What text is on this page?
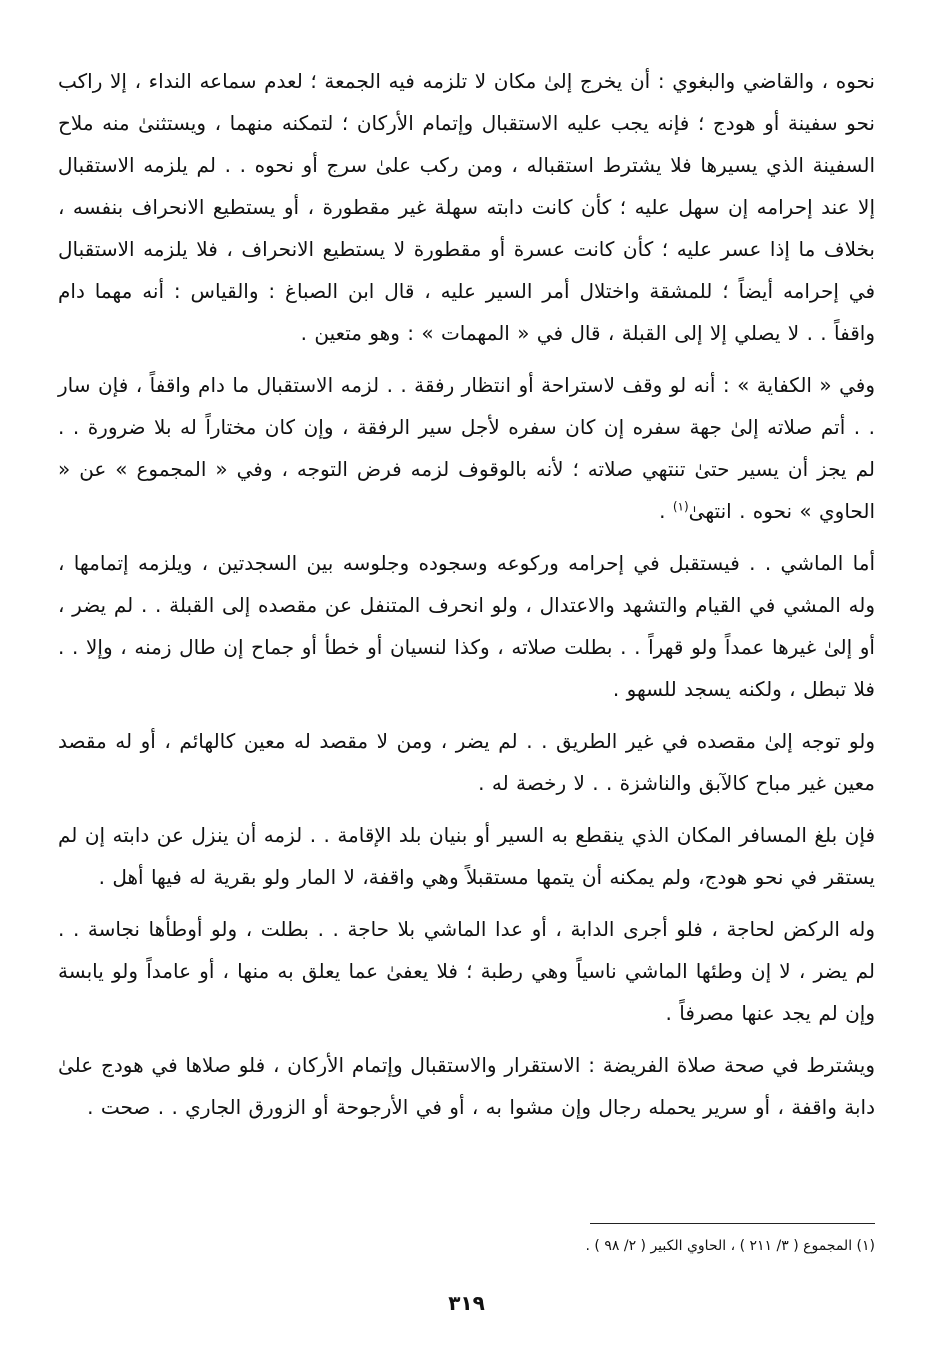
نحوه ، والقاضي والبغوي : أن يخرج إلىٰ مكان لا تلزمه فيه الجمعة ؛ لعدم سماعه النداء ، إلا راكب نحو سفينة أو هودج ؛ فإنه يجب عليه الاستقبال وإتمام الأركان ؛ لتمكنه منهما ، ويستثنىٰ منه ملاح السفينة الذي يسيرها فلا يشترط استقباله ، ومن ركب علىٰ سرج أو نحوه . . لم يلزمه الاستقبال إلا عند إحرامه إن سهل عليه ؛ كأن كانت دابته سهلة غير مقطورة ، أو يستطيع الانحراف بنفسه ، بخلاف ما إذا عسر عليه ؛ كأن كانت عسرة أو مقطورة لا يستطيع الانحراف ، فلا يلزمه الاستقبال في إحرامه أيضاً ؛ للمشقة واختلال أمر السير عليه ، قال ابن الصباغ : والقياس : أنه مهما دام واقفاً . . لا يصلي إلا إلى القبلة ، قال في « المهمات » : وهو متعين .

وفي « الكفاية » : أنه لو وقف لاستراحة أو انتظار رفقة . . لزمه الاستقبال ما دام واقفاً ، فإن سار . . أتم صلاته إلىٰ جهة سفره إن كان سفره لأجل سير الرفقة ، وإن كان مختاراً له بلا ضرورة . . لم يجز أن يسير حتىٰ تنتهي صلاته ؛ لأنه بالوقوف لزمه فرض التوجه ، وفي « المجموع » عن « الحاوي » نحوه . انتهىٰ$^{(١)}$ .

أما الماشي . . فيستقبل في إحرامه وركوعه وسجوده وجلوسه بين السجدتين ، ويلزمه إتمامها ، وله المشي في القيام والتشهد والاعتدال ، ولو انحرف المتنفل عن مقصده إلى القبلة . . لم يضر ، أو إلىٰ غيرها عمداً ولو قهراً . . بطلت صلاته ، وكذا لنسيان أو خطأ أو جماح إن طال زمنه ، وإلا . . فلا تبطل ، ولكنه يسجد للسهو .

ولو توجه إلىٰ مقصده في غير الطريق . . لم يضر ، ومن لا مقصد له معين كالهائم ، أو له مقصد معين غير مباح كالآبق والناشزة . . لا رخصة له .

فإن بلغ المسافر المكان الذي ينقطع به السير أو بنيان بلد الإقامة . . لزمه أن ينزل عن دابته إن لم يستقر في نحو هودج، ولم يمكنه أن يتمها مستقبلاً وهي واقفة، لا المار ولو بقرية له فيها أهل .

وله الركض لحاجة ، فلو أجرى الدابة ، أو عدا الماشي بلا حاجة . . بطلت ، ولو أوطأها نجاسة . . لم يضر ، لا إن وطئها الماشي ناسياً وهي رطبة ؛ فلا يعفىٰ عما يعلق به منها ، أو عامداً ولو يابسة وإن لم يجد عنها مصرفاً .

ويشترط في صحة صلاة الفريضة : الاستقرار والاستقبال وإتمام الأركان ، فلو صلاها في هودج علىٰ دابة واقفة ، أو سرير يحمله رجال وإن مشوا به ، أو في الأرجوحة أو الزورق الجاري . . صحت .

(١) المجموع ( ٣/ ٢١١ ) ، الحاوي الكبير ( ٢/ ٩٨ ) .
٣١٩
